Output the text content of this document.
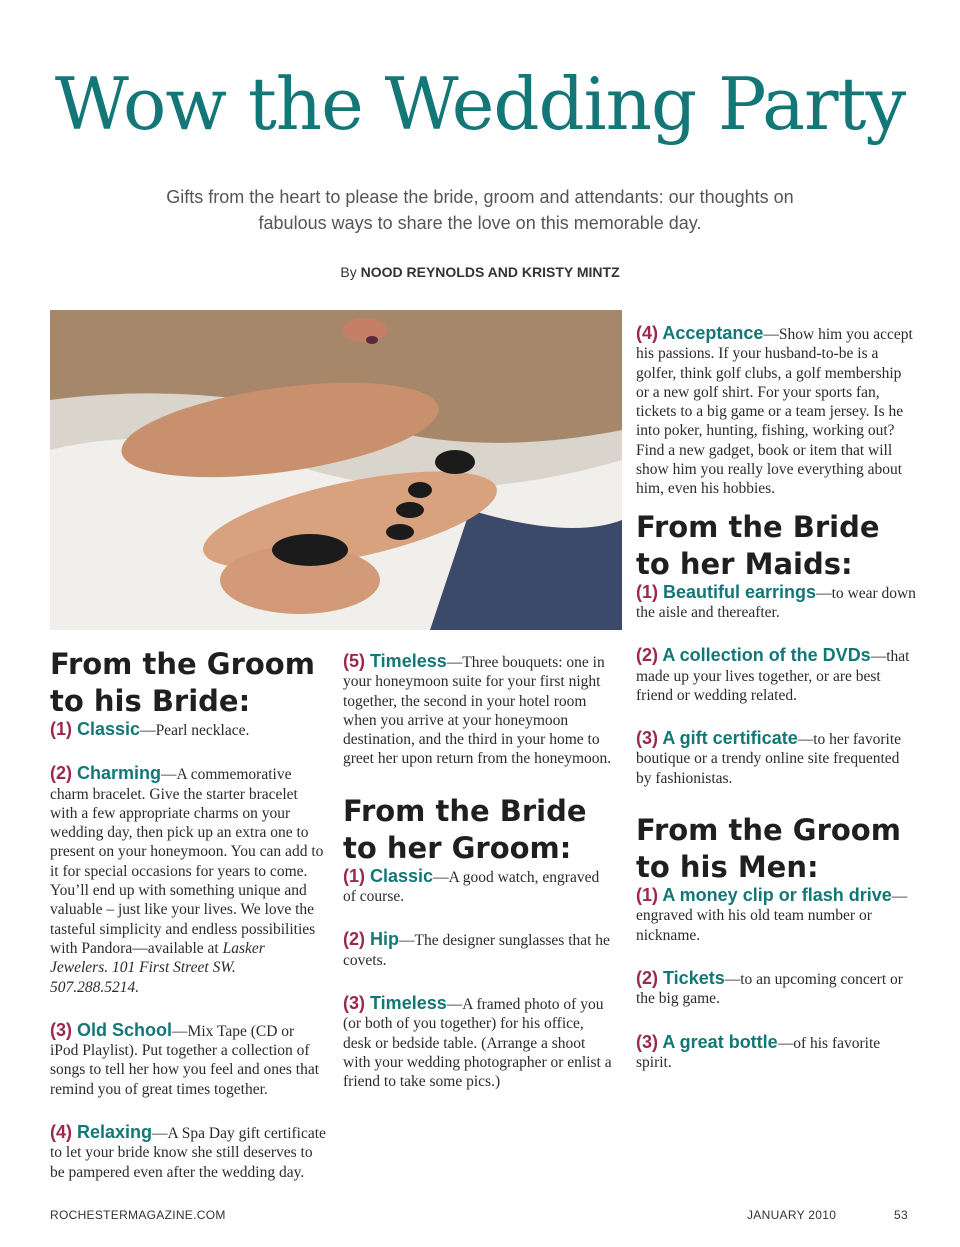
Wow the Wedding Party
Gifts from the heart to please the bride, groom and attendants: our thoughts on fabulous ways to share the love on this memorable day.
By NOOD REYNOLDS AND KRISTY MINTZ
From the Groom to his Bride:

(1) Classic—Pearl necklace.

(2) Charming—A commemorative charm bracelet. Give the starter bracelet with a few appropriate charms on your wedding day, then pick up an extra one to present on your honeymoon. You can add to it for special occasions for years to come. You’ll end up with something unique and valuable – just like your lives. We love the tasteful simplicity and endless possibilities with Pandora—available at Lasker Jewelers. 101 First Street SW. 507.288.5214.

(3) Old School—Mix Tape (CD or iPod Playlist). Put together a collection of songs to tell her how you feel and ones that remind you of great times together.

(4) Relaxing—A Spa Day gift certificate to let your bride know she still deserves to be pampered even after the wedding day.

(5) Timeless—Three bouquets: one in your honeymoon suite for your first night together, the second in your hotel room when you arrive at your honeymoon destination, and the third in your home to greet her upon return from the honeymoon.

From the Bride to her Groom:

(1) Classic—A good watch, engraved of course.

(2) Hip—The designer sunglasses that he covets.

(3) Timeless—A framed photo of you (or both of you together) for his office, desk or bedside table. (Arrange a shoot with your wedding photographer or enlist a friend to take some pics.)

(4) Acceptance—Show him you accept his passions. If your husband-to-be is a golfer, think golf clubs, a golf membership or a new golf shirt. For your sports fan, tickets to a big game or a team jersey. Is he into poker, hunting, fishing, working out? Find a new gadget, book or item that will show him you really love everything about him, even his hobbies.

From the Bride to her Maids:

(1) Beautiful earrings—to wear down the aisle and thereafter.

(2) A collection of the DVDs—that made up your lives together, or are best friend or wedding related.

(3) A gift certificate—to her favorite boutique or a trendy online site frequented by fashionistas.

From the Groom to his Men:

(1) A money clip or flash drive—engraved with his old team number or nickname.

(2) Tickets—to an upcoming concert or the big game.

(3) A great bottle—of his favorite spirit.

ROCHESTERMAGAZINE.COM	JANUARY 2010	53
